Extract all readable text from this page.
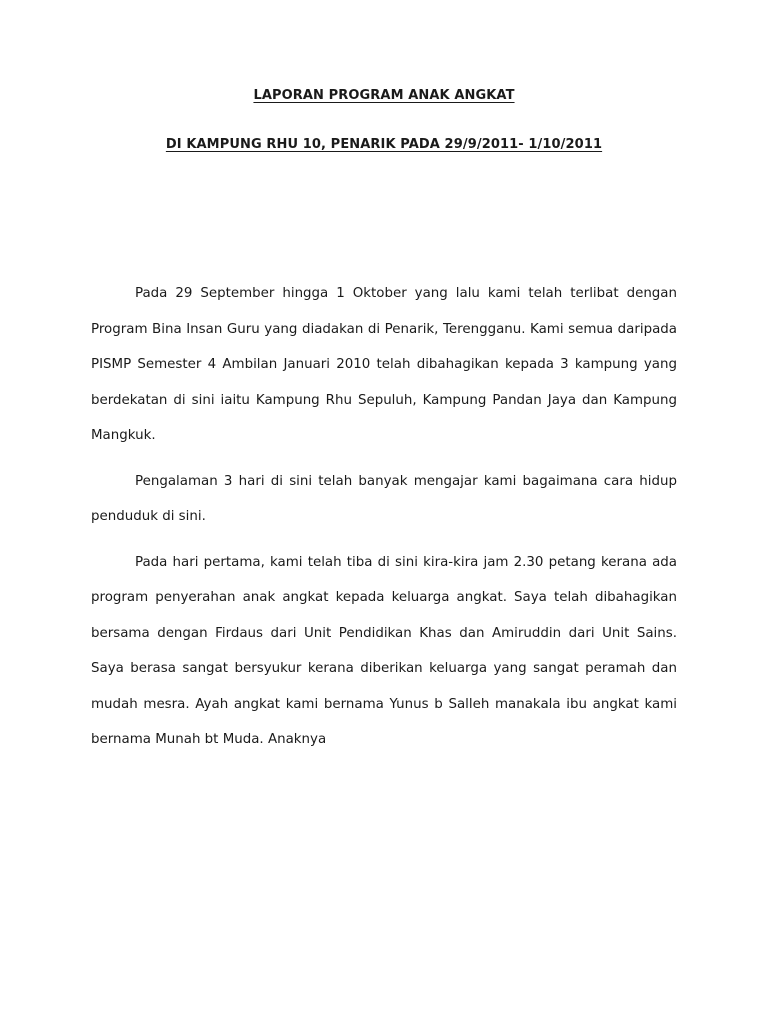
LAPORAN PROGRAM ANAK ANGKAT
DI KAMPUNG RHU 10, PENARIK PADA 29/9/2011- 1/10/2011

Pada 29 September hingga 1 Oktober yang lalu kami telah terlibat dengan Program Bina Insan Guru yang diadakan di Penarik, Terengganu. Kami semua daripada PISMP Semester 4 Ambilan Januari 2010 telah dibahagikan kepada 3 kampung yang berdekatan di sini iaitu Kampung Rhu Sepuluh, Kampung Pandan Jaya dan Kampung Mangkuk.

Pengalaman 3 hari di sini telah banyak mengajar kami bagaimana cara hidup penduduk di sini.

Pada hari pertama, kami telah tiba di sini kira-kira jam 2.30 petang kerana ada program penyerahan anak angkat kepada keluarga angkat. Saya telah dibahagikan bersama dengan Firdaus dari Unit Pendidikan Khas dan Amiruddin dari Unit Sains. Saya berasa sangat bersyukur kerana diberikan keluarga yang sangat peramah dan mudah mesra. Ayah angkat kami bernama Yunus b Salleh manakala ibu angkat kami bernama Munah bt Muda. Anaknya
